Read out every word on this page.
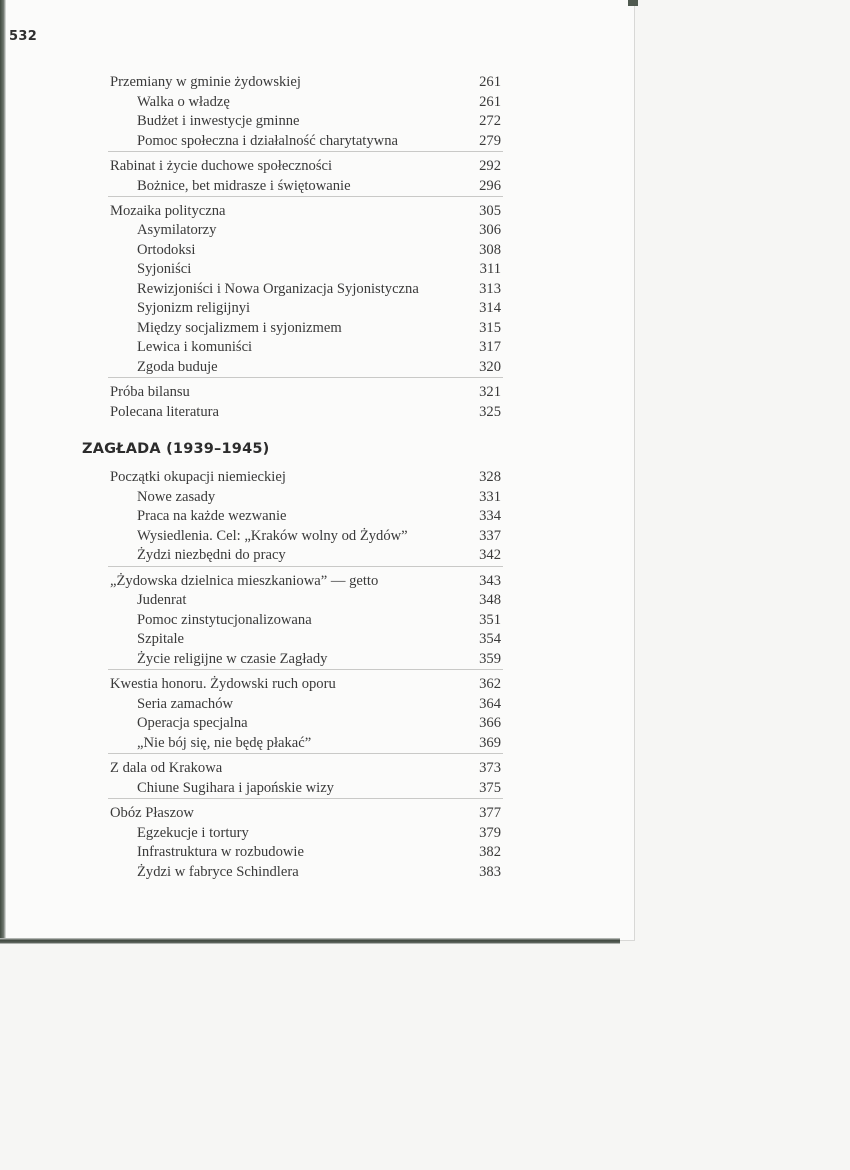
532
ZAGŁADA (1939–1945)
Przemiany w gminie żydowskiej	261
Walka o władzę	261
Budżet i inwestycje gminne	272
Pomoc społeczna i działalność charytatywna	279
Rabinat i życie duchowe społeczności	292
Bożnice, bet midrasze i świętowanie	296
Mozaika polityczna	305
Asymilatorzy	306
Ortodoksi	308
Syjoniści	311
Rewizjoniści i Nowa Organizacja Syjonistyczna	313
Syjonizm religijnyi	314
Między socjalizmem i syjonizmem	315
Lewica i komuniści	317
Zgoda buduje	320
Próba bilansu	321
Polecana literatura	325
Początki okupacji niemieckiej	328
Nowe zasady	331
Praca na każde wezwanie	334
Wysiedlenia. Cel: „Kraków wolny od Żydów”	337
Żydzi niezbędni do pracy	342
„Żydowska dzielnica mieszkaniowa” — getto	343
Judenrat	348
Pomoc zinstytucjonalizowana	351
Szpitale	354
Życie religijne w czasie Zagłady	359
Kwestia honoru. Żydowski ruch oporu	362
Seria zamachów	364
Operacja specjalna	366
„Nie bój się, nie będę płakać”	369
Z dala od Krakowa	373
Chiune Sugihara i japońskie wizy	375
Obóz Płaszow	377
Egzekucje i tortury	379
Infrastruktura w rozbudowie	382
Żydzi w fabryce Schindlera	383
